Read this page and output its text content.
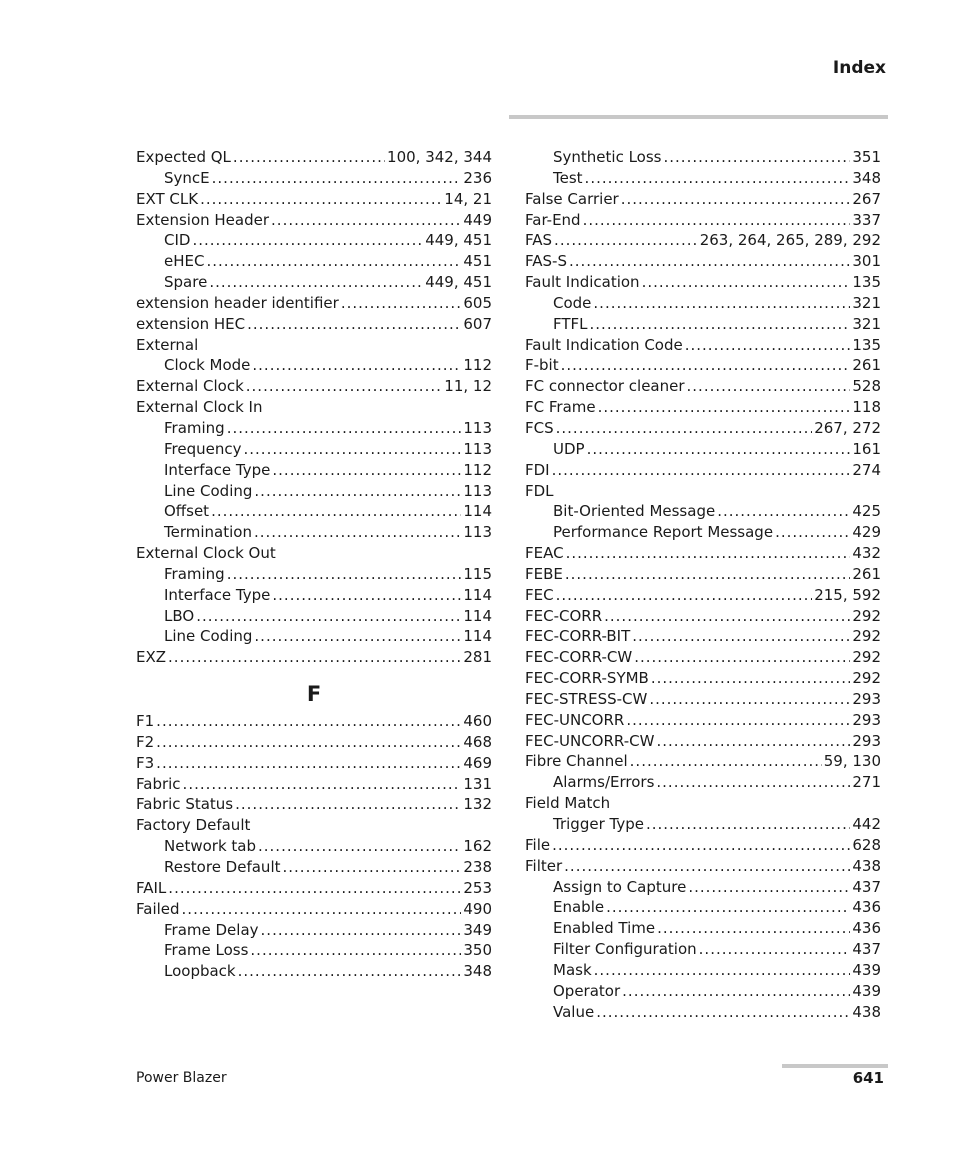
Index
Expected QL .....	100, 342, 344
SyncE .....	236
EXT CLK .....	14, 21
Extension Header .....	449
CID .....	449, 451
eHEC .....	451
Spare .....	449, 451
extension header identifier .....	605
extension HEC .....	607
External
Clock Mode .....	112
External Clock .....	11, 12
External Clock In
Framing .....	113
Frequency .....	113
Interface Type .....	112
Line Coding .....	113
Offset .....	114
Termination .....	113
External Clock Out
Framing .....	115
Interface Type .....	114
LBO .....	114
Line Coding .....	114
EXZ .....	281
F
F1 .....	460
F2 .....	468
F3 .....	469
Fabric .....	131
Fabric Status .....	132
Factory Default
Network tab .....	162
Restore Default .....	238
FAIL .....	253
Failed .....	490
Frame Delay .....	349
Frame Loss .....	350
Loopback .....	348
Synthetic Loss .....	351
Test .....	348
False Carrier .....	267
Far-End .....	337
FAS .....	263, 264, 265, 289, 292
FAS-S .....	301
Fault Indication .....	135
Code .....	321
FTFL .....	321
Fault Indication Code .....	135
F-bit .....	261
FC connector cleaner .....	528
FC Frame .....	118
FCS .....	267, 272
UDP .....	161
FDI .....	274
FDL
Bit-Oriented Message .....	425
Performance Report Message .....	429
FEAC .....	432
FEBE .....	261
FEC .....	215, 592
FEC-CORR .....	292
FEC-CORR-BIT .....	292
FEC-CORR-CW .....	292
FEC-CORR-SYMB .....	292
FEC-STRESS-CW .....	293
FEC-UNCORR .....	293
FEC-UNCORR-CW .....	293
Fibre Channel .....	59, 130
Alarms/Errors .....	271
Field Match
Trigger Type .....	442
File .....	628
Filter .....	438
Assign to Capture .....	437
Enable .....	436
Enabled Time .....	436
Filter Configuration .....	437
Mask .....	439
Operator .....	439
Value .....	438
Power Blazer	641
